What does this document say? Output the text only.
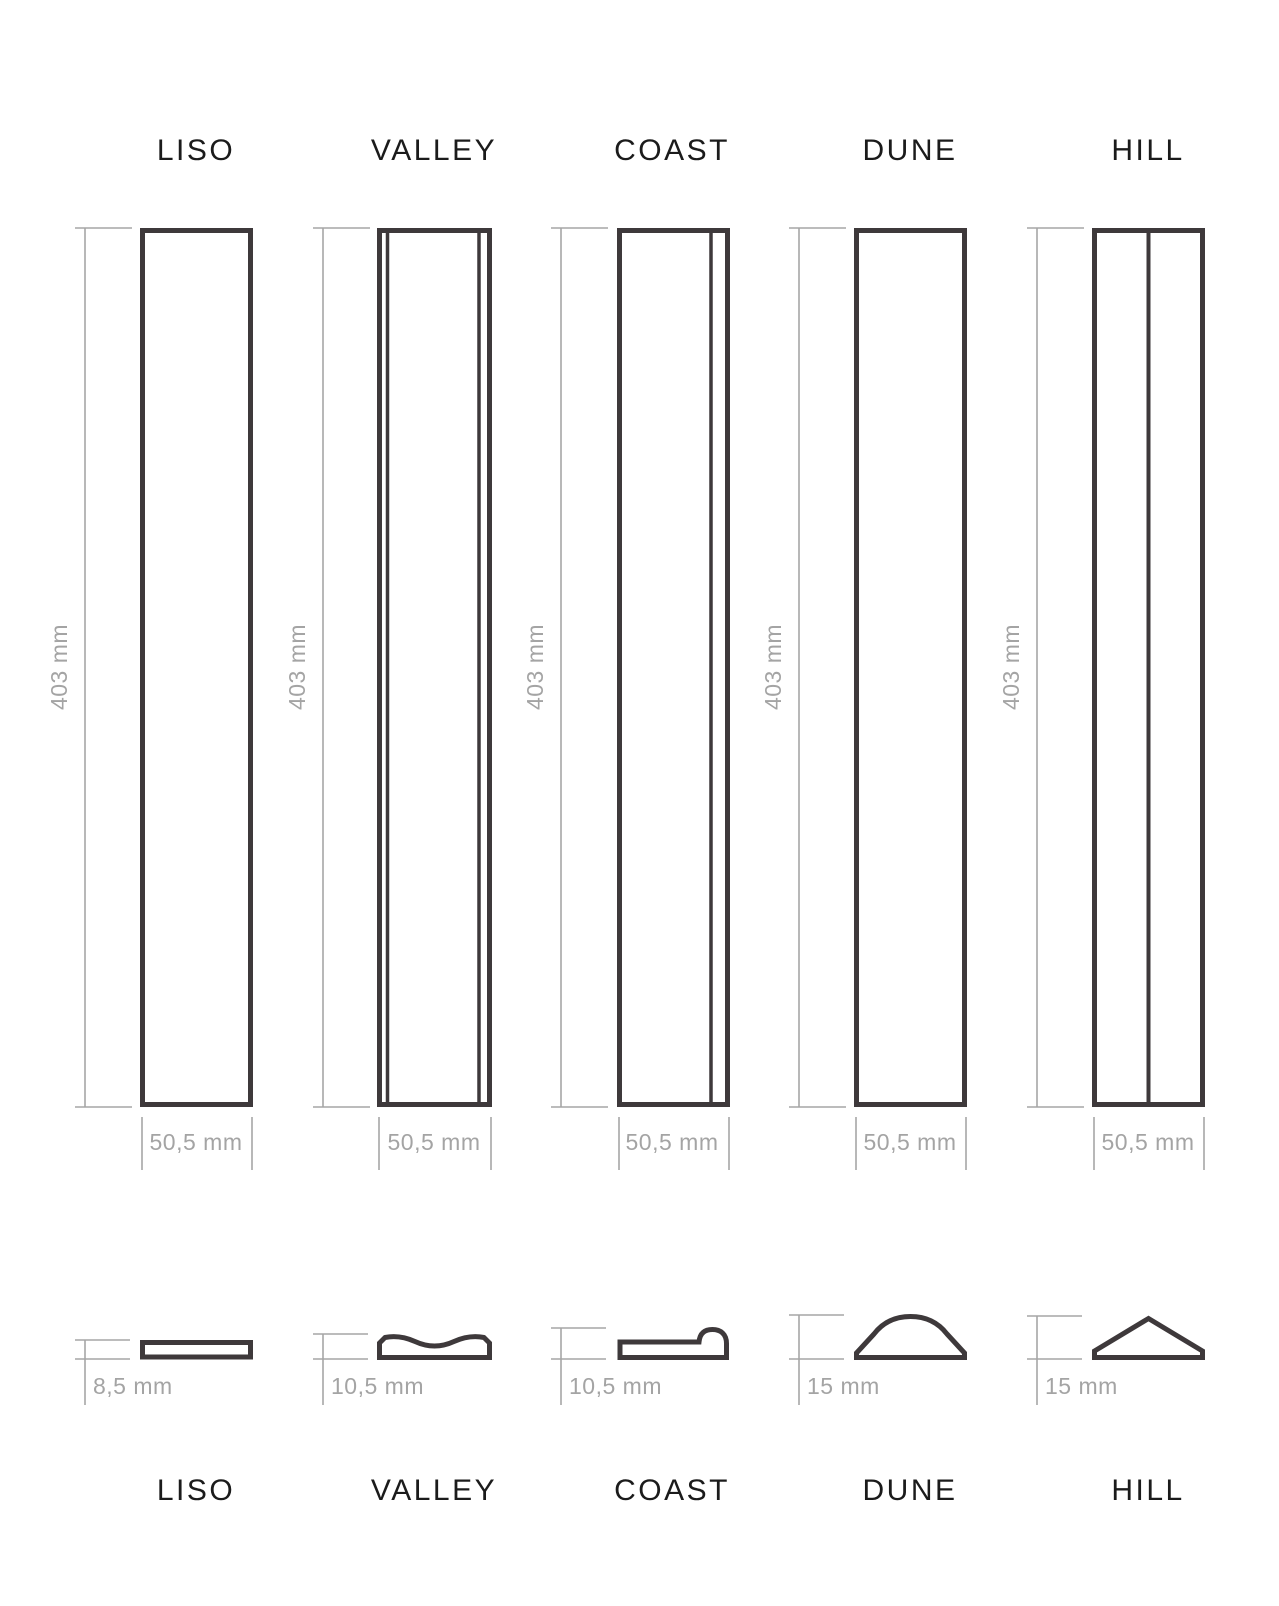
LISO	VALLEY	COAST	DUNE	HILL
403 mm	403 mm	403 mm	403 mm	403 mm
50,5 mm	50,5 mm	50,5 mm	50,5 mm	50,5 mm
8,5 mm	10,5 mm	10,5 mm	15 mm	15 mm
LISO	VALLEY	COAST	DUNE	HILL
